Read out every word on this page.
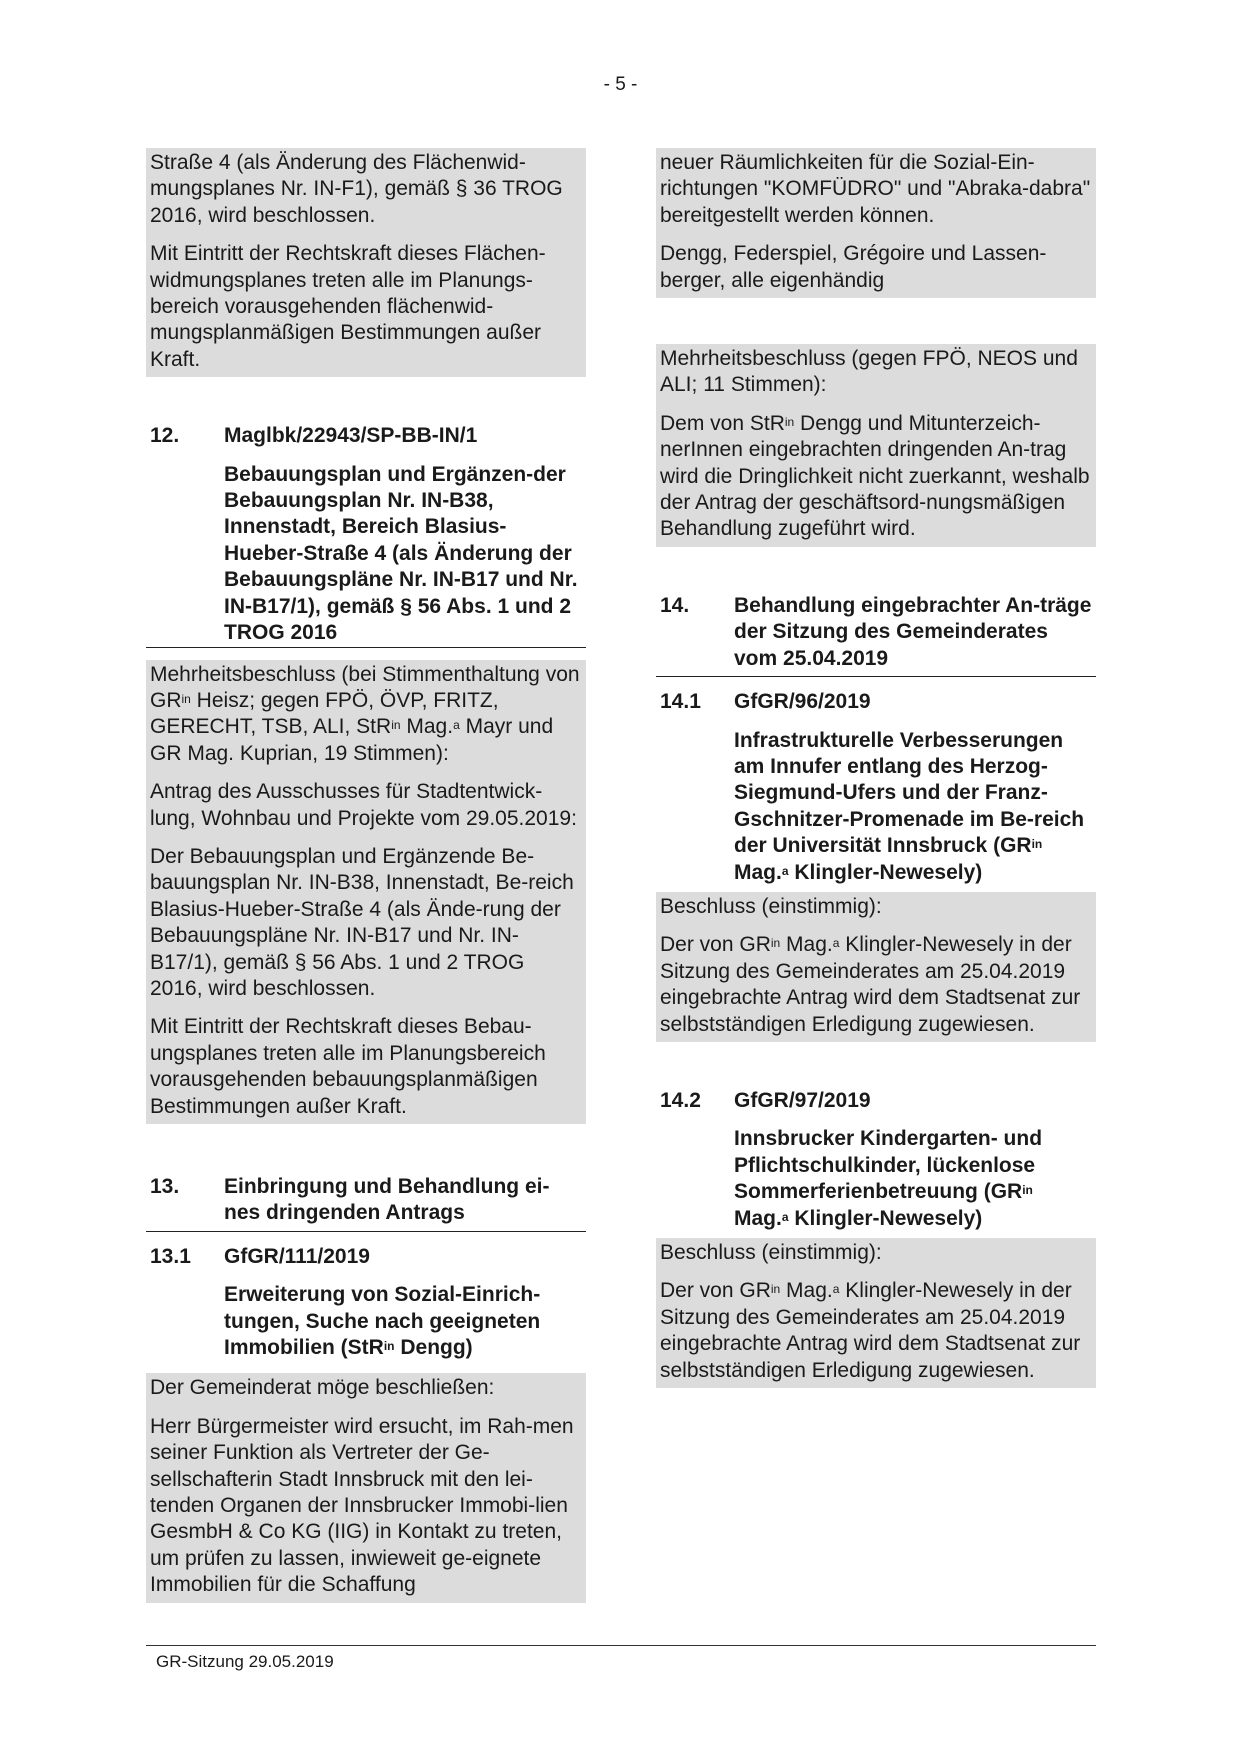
- 5 -

Straße 4 (als Änderung des Flächenwid-mungsplanes Nr. IN-F1), gemäß § 36 TROG 2016, wird beschlossen.

Mit Eintritt der Rechtskraft dieses Flächen-widmungsplanes treten alle im Planungs-bereich vorausgehenden flächenwid-mungsplanmäßigen Bestimmungen außer Kraft.

12.	Maglbk/22943/SP-BB-IN/1
Bebauungsplan und Ergänzen-der Bebauungsplan Nr. IN-B38, Innenstadt, Bereich Blasius-Hueber-Straße 4 (als Änderung der Bebauungspläne Nr. IN-B17 und Nr. IN-B17/1), gemäß § 56 Abs. 1 und 2 TROG 2016

Mehrheitsbeschluss (bei Stimmenthaltung von $GR^{in}$ Heisz; gegen FPÖ, ÖVP, FRITZ, GERECHT, TSB, ALI, StR$^{in}$ Mag.$^a$ Mayr und GR Mag. Kuprian, 19 Stimmen):

Antrag des Ausschusses für Stadtentwick-lung, Wohnbau und Projekte vom 29.05.2019:

Der Bebauungsplan und Ergänzende Be-bauungsplan Nr. IN-B38, Innenstadt, Be-reich Blasius-Hueber-Straße 4 (als Ände-rung der Bebauungspläne Nr. IN-B17 und Nr. IN-B17/1), gemäß § 56 Abs. 1 und 2 TROG 2016, wird beschlossen.

Mit Eintritt der Rechtskraft dieses Bebau-ungsplanes treten alle im Planungsbereich vorausgehenden bebauungsplanmäßigen Bestimmungen außer Kraft.

13.	Einbringung und Behandlung ei-nes dringenden Antrags
13.1	GfGR/111/2019
Erweiterung von Sozial-Einrich-tungen, Suche nach geeigneten Immobilien (StR$^{in}$ Dengg)

Der Gemeinderat möge beschließen:

Herr Bürgermeister wird ersucht, im Rah-men seiner Funktion als Vertreter der Ge-sellschafterin Stadt Innsbruck mit den lei-tenden Organen der Innsbrucker Immobi-lien GesmbH & Co KG (IIG) in Kontakt zu treten, um prüfen zu lassen, inwieweit ge-eignete Immobilien für die Schaffung

neuer Räumlichkeiten für die Sozial-Ein-richtungen "KOMFÜDRO" und "Abraka-dabra" bereitgestellt werden können.

Dengg, Federspiel, Grégoire und Lassen-berger, alle eigenhändig

Mehrheitsbeschluss (gegen FPÖ, NEOS und ALI; 11 Stimmen):

Dem von StR$^{in}$ Dengg und Mitunterzeich-nerInnen eingebrachten dringenden An-trag wird die Dringlichkeit nicht zuerkannt, weshalb der Antrag der geschäftsord-nungsmäßigen Behandlung zugeführt wird.

14.	Behandlung eingebrachter An-träge der Sitzung des Gemeinderates vom 25.04.2019
14.1	GfGR/96/2019
Infrastrukturelle Verbesserungen am Innufer entlang des Herzog-Siegmund-Ufers und der Franz-Gschnitzer-Promenade im Be-reich der Universität Innsbruck ($GR^{in}$ Mag.$^a$ Klingler-Newesely)

Beschluss (einstimmig):

Der von $GR^{in}$ Mag.$^a$ Klingler-Newesely in der Sitzung des Gemeinderates am 25.04.2019 eingebrachte Antrag wird dem Stadtsenat zur selbstständigen Erledigung zugewiesen.

14.2	GfGR/97/2019
Innsbrucker Kindergarten- und Pflichtschulkinder, lückenlose Sommerferienbetreuung ($GR^{in}$ Mag.$^a$ Klingler-Newesely)

Beschluss (einstimmig):

Der von $GR^{in}$ Mag.$^a$ Klingler-Newesely in der Sitzung des Gemeinderates am 25.04.2019 eingebrachte Antrag wird dem Stadtsenat zur selbstständigen Erledigung zugewiesen.

GR-Sitzung 29.05.2019
